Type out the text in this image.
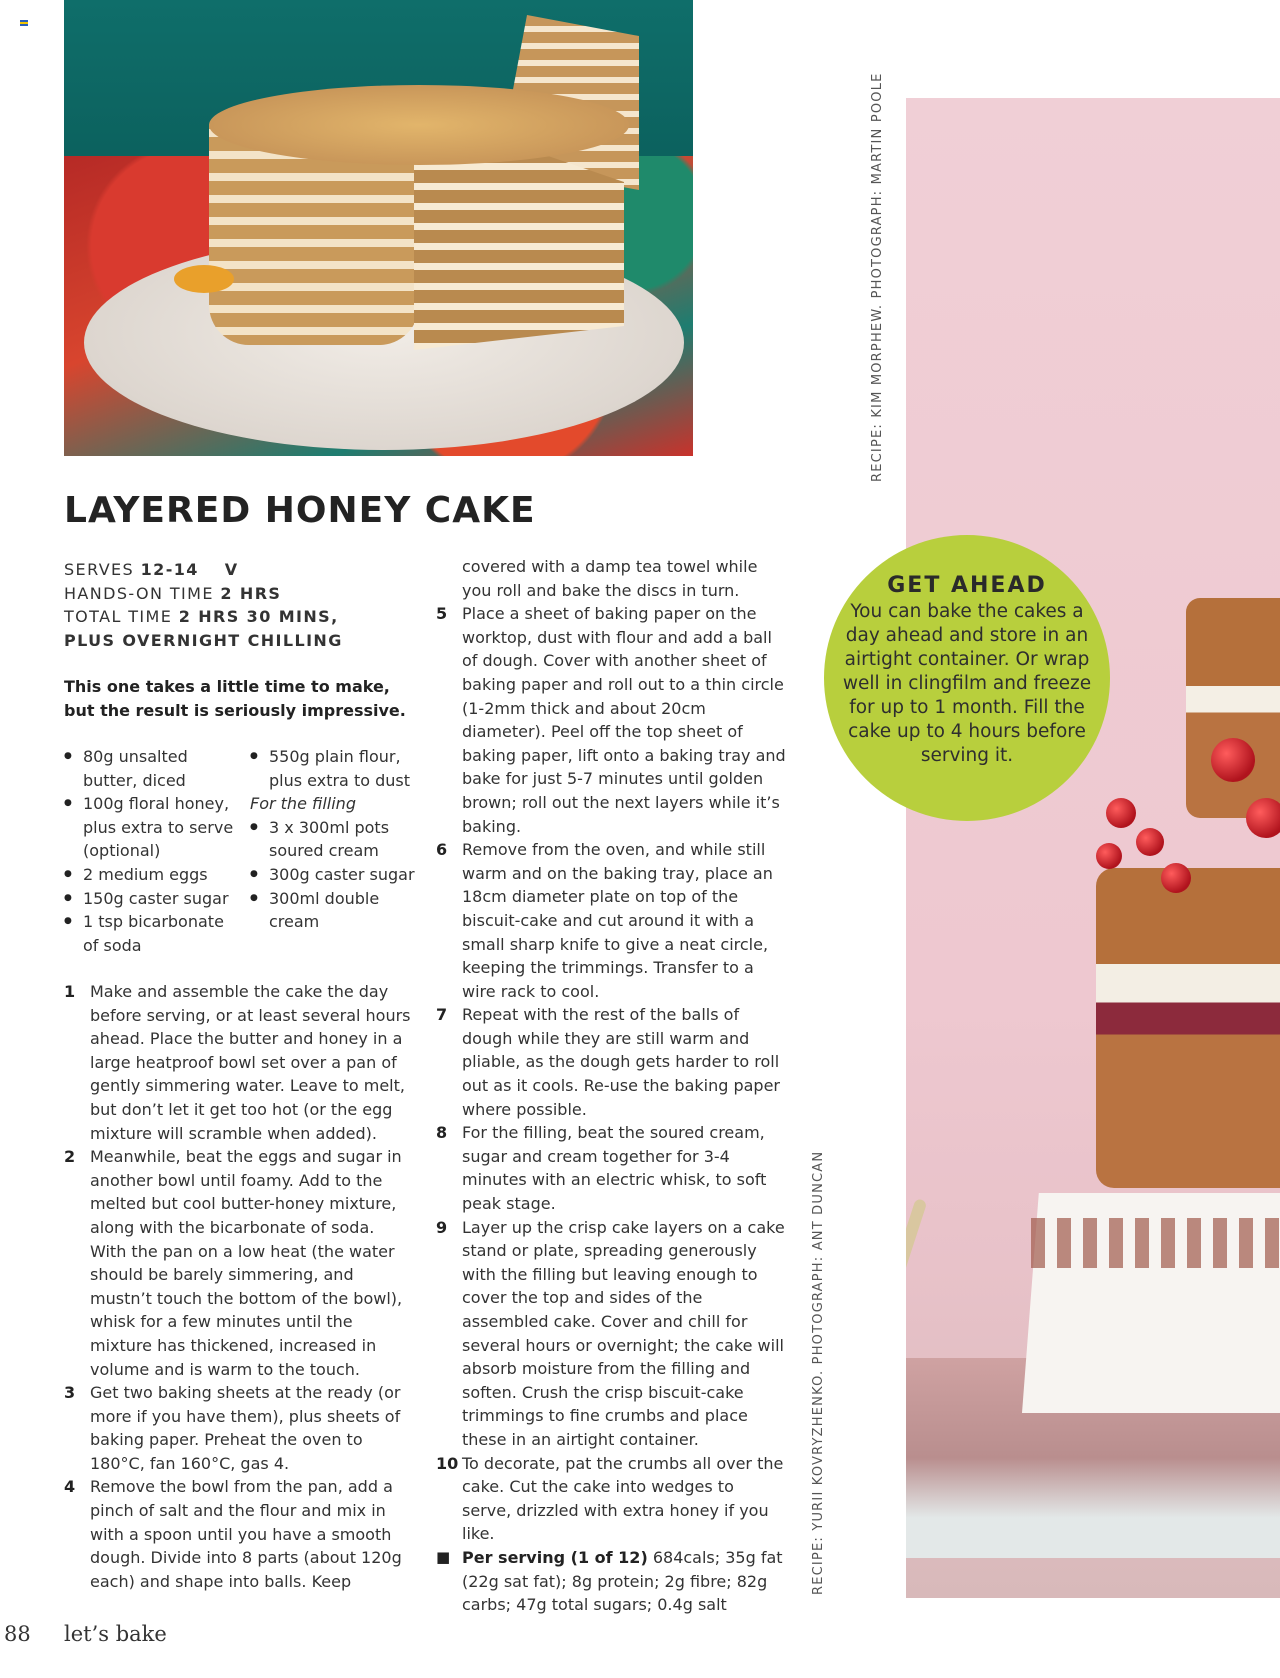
RECIPE: KIM MORPHEW. PHOTOGRAPH: MARTIN POOLE
RECIPE: YURII KOVRYZHENKO. PHOTOGRAPH: ANT DUNCAN
GET AHEAD
You can bake the cakes a day ahead and store in an airtight container. Or wrap well in clingfilm and freeze for up to 1 month. Fill the cake up to 4 hours before serving it.
LAYERED HONEY CAKE
SERVES 12-14 V
HANDS-ON TIME 2 HRS
TOTAL TIME 2 HRS 30 MINS,
PLUS OVERNIGHT CHILLING
This one takes a little time to make,
but the result is seriously impressive.
● 80g unsalted butter, diced
● 100g floral honey, plus extra to serve (optional)
● 2 medium eggs
● 150g caster sugar
● 1 tsp bicarbonate of soda
● 550g plain flour, plus extra to dust
For the filling
● 3 x 300ml pots soured cream
● 300g caster sugar
● 300ml double cream
1 Make and assemble the cake the day before serving, or at least several hours ahead. Place the butter and honey in a large heatproof bowl set over a pan of gently simmering water. Leave to melt, but don’t let it get too hot (or the egg mixture will scramble when added).
2 Meanwhile, beat the eggs and sugar in another bowl until foamy. Add to the melted but cool butter-honey mixture, along with the bicarbonate of soda. With the pan on a low heat (the water should be barely simmering, and mustn’t touch the bottom of the bowl), whisk for a few minutes until the mixture has thickened, increased in volume and is warm to the touch.
3 Get two baking sheets at the ready (or more if you have them), plus sheets of baking paper. Preheat the oven to 180°C, fan 160°C, gas 4.
4 Remove the bowl from the pan, add a pinch of salt and the flour and mix in with a spoon until you have a smooth dough. Divide into 8 parts (about 120g each) and shape into balls. Keep
covered with a damp tea towel while you roll and bake the discs in turn.
5 Place a sheet of baking paper on the worktop, dust with flour and add a ball of dough. Cover with another sheet of baking paper and roll out to a thin circle (1-2mm thick and about 20cm diameter). Peel off the top sheet of baking paper, lift onto a baking tray and bake for just 5-7 minutes until golden brown; roll out the next layers while it’s baking.
6 Remove from the oven, and while still warm and on the baking tray, place an 18cm diameter plate on top of the biscuit-cake and cut around it with a small sharp knife to give a neat circle, keeping the trimmings. Transfer to a wire rack to cool.
7 Repeat with the rest of the balls of dough while they are still warm and pliable, as the dough gets harder to roll out as it cools. Re-use the baking paper where possible.
8 For the filling, beat the soured cream, sugar and cream together for 3-4 minutes with an electric whisk, to soft peak stage.
9 Layer up the crisp cake layers on a cake stand or plate, spreading generously with the filling but leaving enough to cover the top and sides of the assembled cake. Cover and chill for several hours or overnight; the cake will absorb moisture from the filling and soften. Crush the crisp biscuit-cake trimmings to fine crumbs and place these in an airtight container.
10 To decorate, pat the crumbs all over the cake. Cut the cake into wedges to serve, drizzled with extra honey if you like.
■ Per serving (1 of 12) 684cals; 35g fat (22g sat fat); 8g protein; 2g fibre; 82g carbs; 47g total sugars; 0.4g salt
88 let’s bake
